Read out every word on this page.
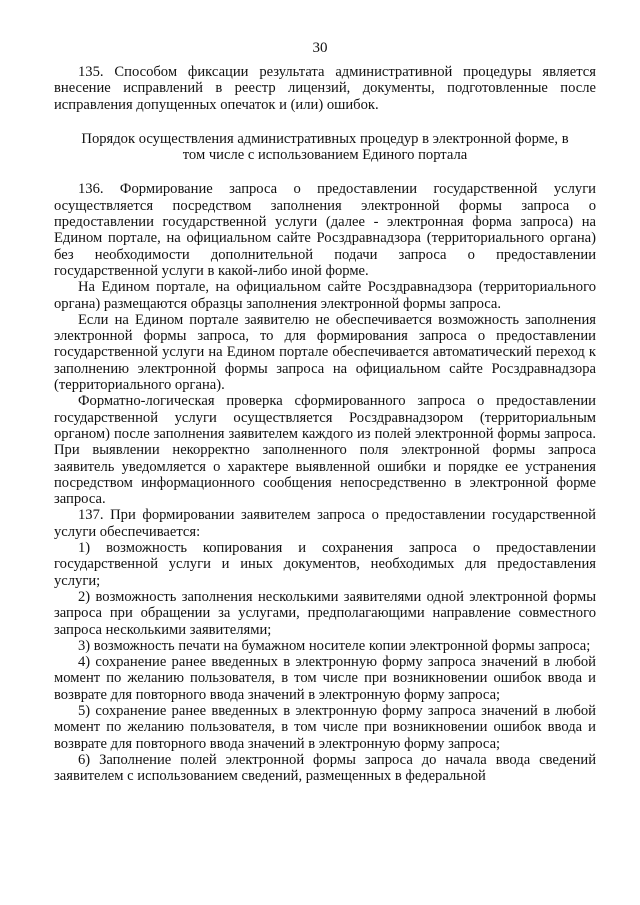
30

135. Способом фиксации результата административной процедуры является внесение исправлений в реестр лицензий, документы, подготовленные после исправления допущенных опечаток и (или) ошибок.

Порядок осуществления административных процедур в электронной форме, в том числе с использованием Единого портала

136. Формирование запроса о предоставлении государственной услуги осуществляется посредством заполнения электронной формы запроса о предоставлении государственной услуги (далее - электронная форма запроса) на Едином портале, на официальном сайте Росздравнадзора (территориального органа) без необходимости дополнительной подачи запроса о предоставлении государственной услуги в какой-либо иной форме.

На Едином портале, на официальном сайте Росздравнадзора (территориального органа) размещаются образцы заполнения электронной формы запроса.

Если на Едином портале заявителю не обеспечивается возможность заполнения электронной формы запроса, то для формирования запроса о предоставлении государственной услуги на Едином портале обеспечивается автоматический переход к заполнению электронной формы запроса на официальном сайте Росздравнадзора (территориального органа).

Форматно-логическая проверка сформированного запроса о предоставлении государственной услуги осуществляется Росздравнадзором (территориальным органом) после заполнения заявителем каждого из полей электронной формы запроса. При выявлении некорректно заполненного поля электронной формы запроса заявитель уведомляется о характере выявленной ошибки и порядке ее устранения посредством информационного сообщения непосредственно в электронной форме запроса.

137. При формировании заявителем запроса о предоставлении государственной услуги обеспечивается:

1) возможность копирования и сохранения запроса о предоставлении государственной услуги и иных документов, необходимых для предоставления услуги;

2) возможность заполнения несколькими заявителями одной электронной формы запроса при обращении за услугами, предполагающими направление совместного запроса несколькими заявителями;

3) возможность печати на бумажном носителе копии электронной формы запроса;

4) сохранение ранее введенных в электронную форму запроса значений в любой момент по желанию пользователя, в том числе при возникновении ошибок ввода и возврате для повторного ввода значений в электронную форму запроса;

5) сохранение ранее введенных в электронную форму запроса значений в любой момент по желанию пользователя, в том числе при возникновении ошибок ввода и возврате для повторного ввода значений в электронную форму запроса;

6) Заполнение полей электронной формы запроса до начала ввода сведений заявителем с использованием сведений, размещенных в федеральной
